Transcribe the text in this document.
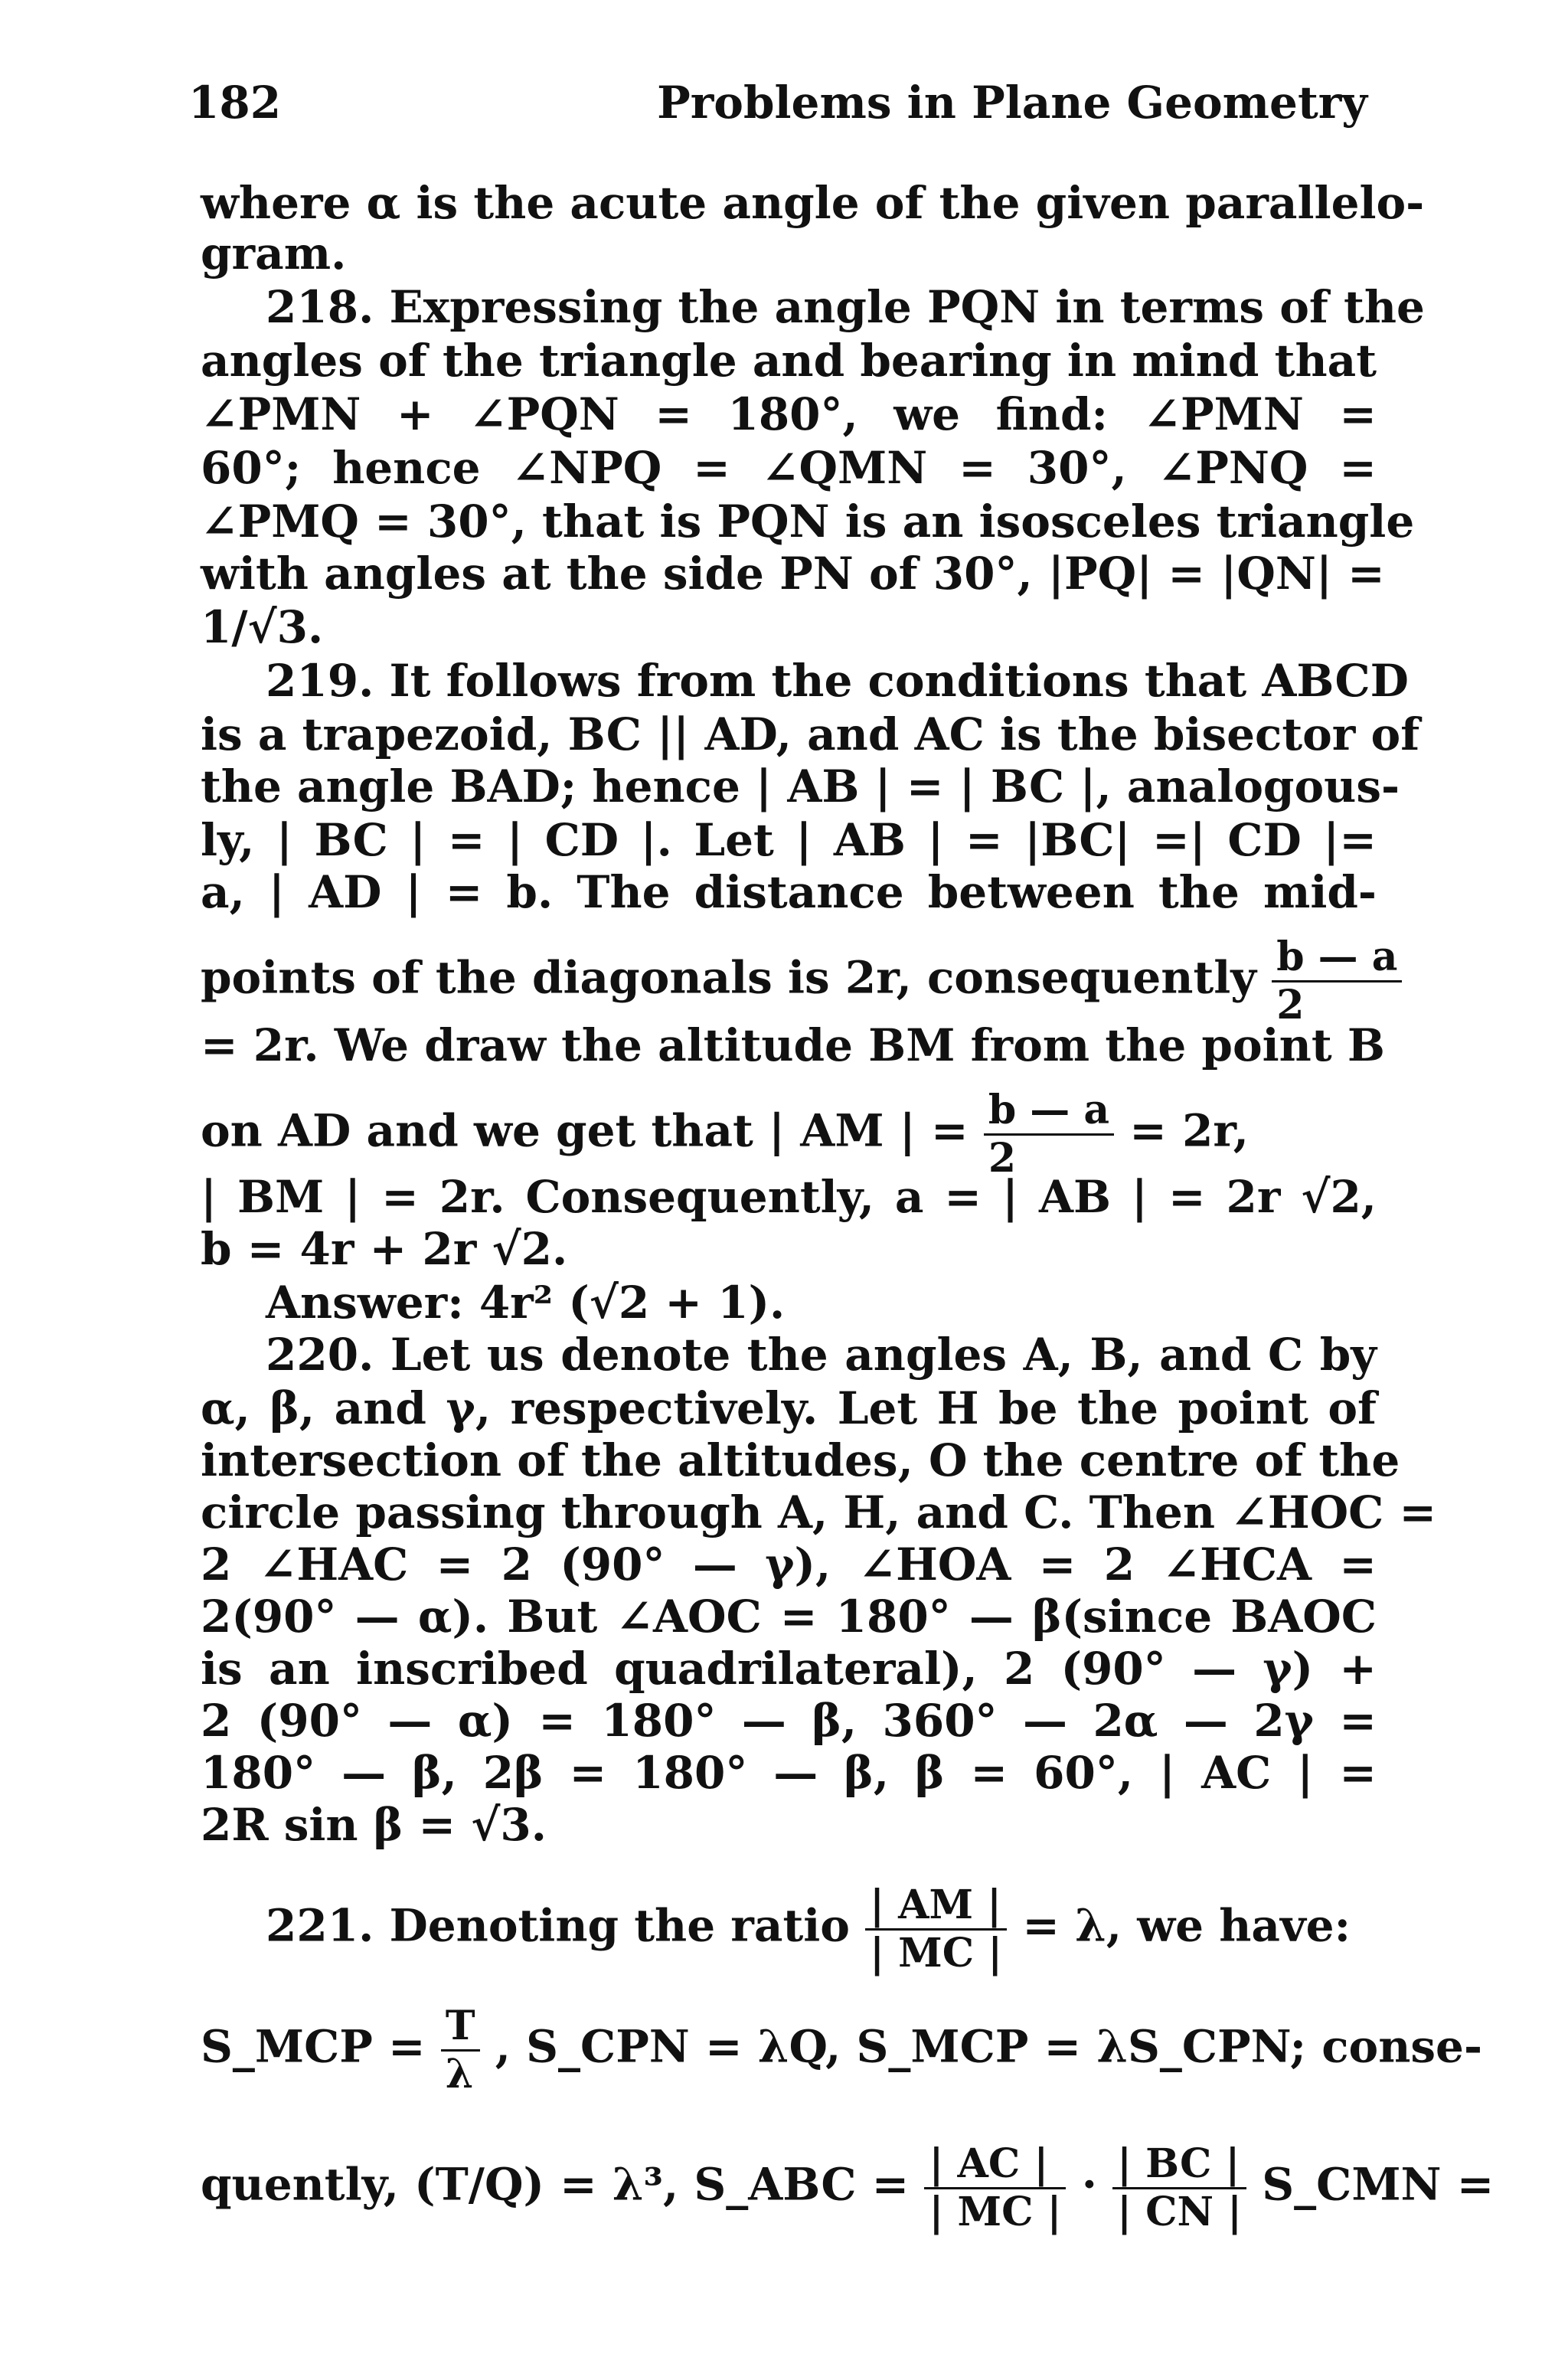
182	Problems in Plane Geometry
where α is the acute angle of the given parallelo-
gram.
218. Expressing the angle PQN in terms of the
angles of the triangle and bearing in mind that
∠PMN + ∠PQN = 180°, we find: ∠PMN =
60°; hence ∠NPQ = ∠QMN = 30°, ∠PNQ =
∠PMQ = 30°, that is PQN is an isosceles triangle
with angles at the side PN of 30°, |PQ| = |QN| =
1/√3.
219. It follows from the conditions that ABCD
is a trapezoid, BC || AD, and AC is the bisector of
the angle BAD; hence | AB | = | BC |, analogous-
ly, | BC | = | CD |. Let | AB | = |BC| =| CD |=
a, | AD | = b. The distance between the mid-
points of the diagonals is 2r, consequently $\frac{b — a}{2}$
= 2r. We draw the altitude BM from the point B
on AD and we get that | AM | = $\frac{b — a}{2} = 2r$,
| BM | = 2r. Consequently, a = | AB | = 2r √2,
b = 4r + 2r √2.
Answer: 4r² (√2 + 1).
220. Let us denote the angles A, B, and C by
α, β, and γ, respectively. Let H be the point of
intersection of the altitudes, O the centre of the
circle passing through A, H, and C. Then ∠HOC =
2 ∠HAC = 2 (90° — γ), ∠HOA = 2 ∠HCA =
2(90° — α). But ∠AOC = 180° — β(since BAOC
is an inscribed quadrilateral), 2 (90° — γ) +
2 (90° — α) = 180° — β, 360° — 2α — 2γ =
180° — β, 2β = 180° — β, β = 60°, | AC | =
2R sin β = √3.
221. Denoting the ratio $\frac{| AM |}{| MC |} = \lambda$, we have:
S_MCP = $\frac{T}{\lambda}$ , S_CPN = λQ, S_MCP = λS_CPN; conse-
quently, (T/Q) = λ³, S_ABC = $\frac{| AC |}{| MC |} \cdot \frac{| BC |}{| CN |}$ S_CMN =
